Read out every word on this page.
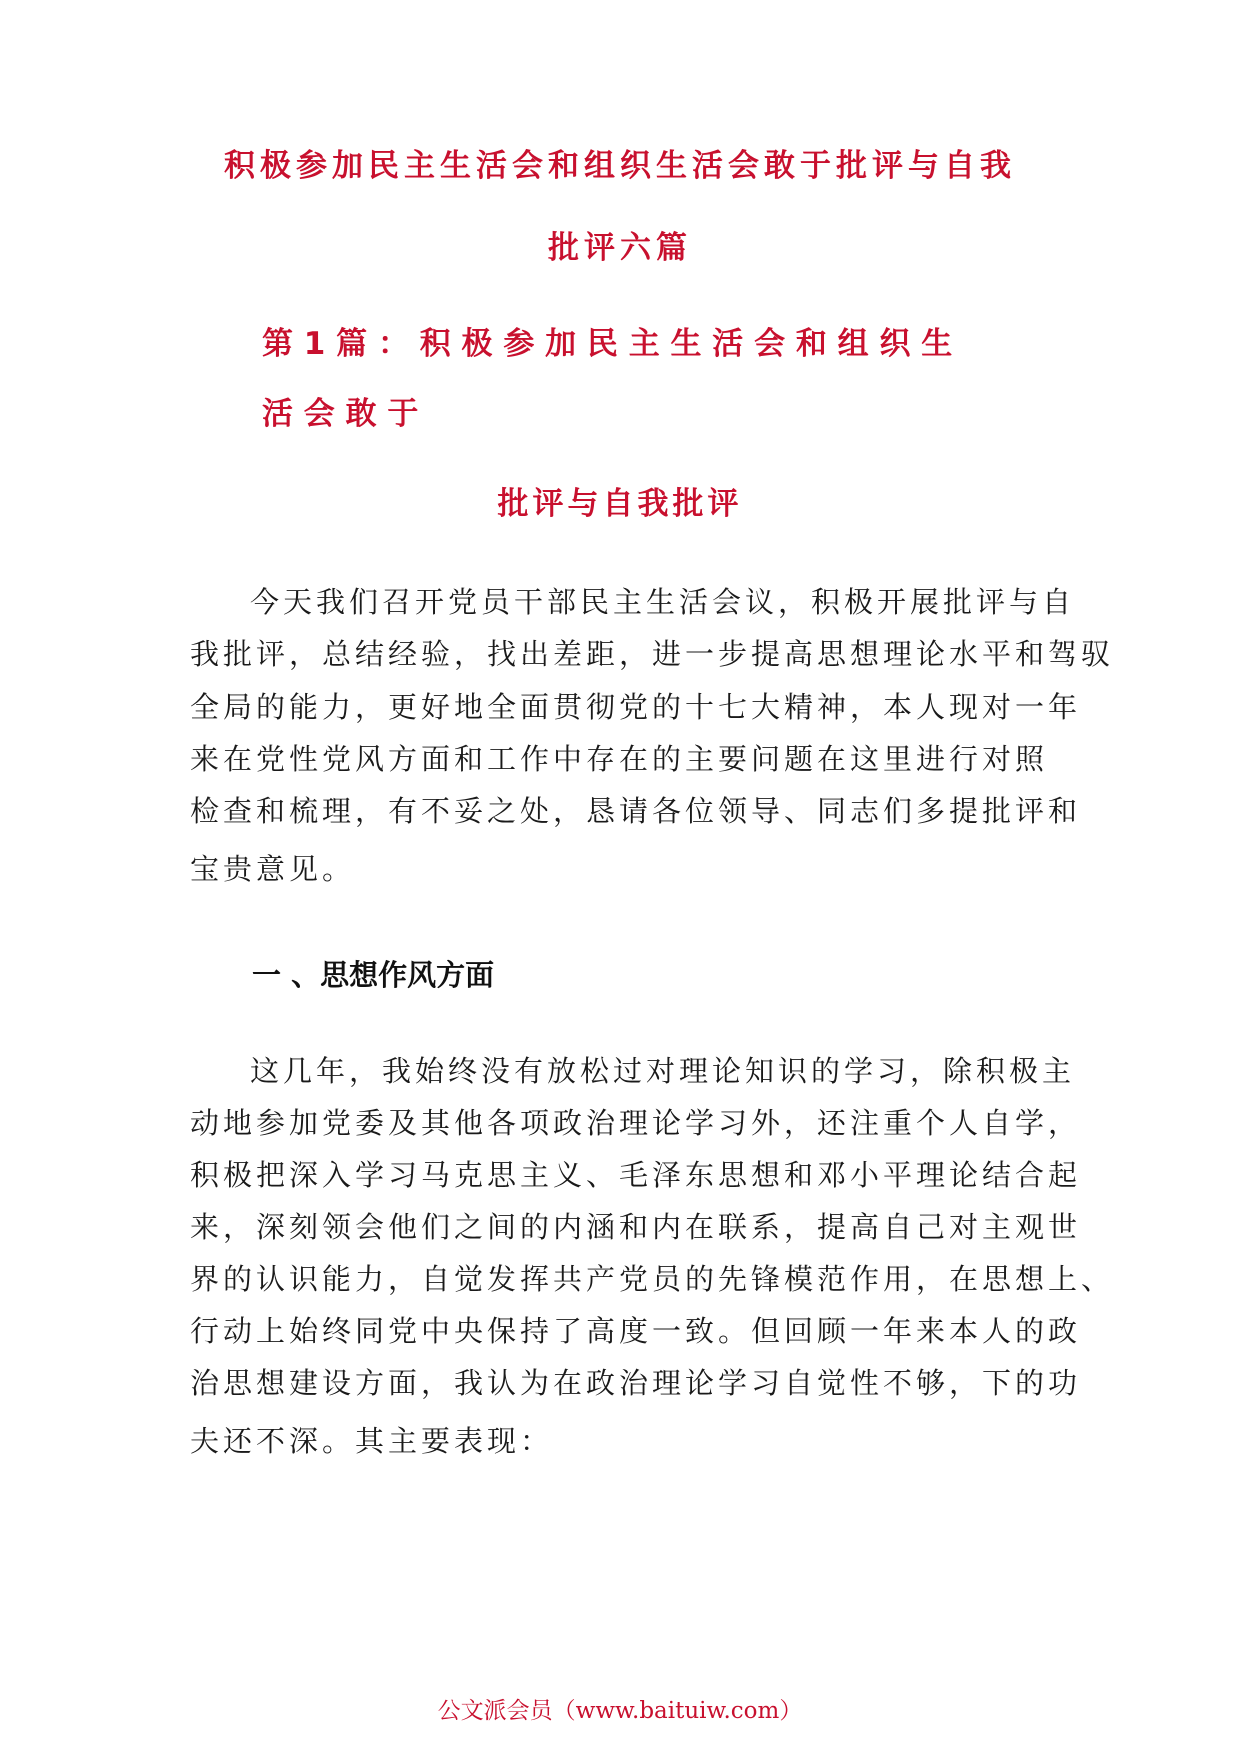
积极参加民主生活会和组织生活会敢于批评与自我
批评六篇
第 1 篇 ： 积 极 参 加 民 主 生 活 会 和 组 织 生
活 会 敢 于
批评与自我批评
今天我们召开党员干部民主生活会议，积极开展批评与自
我批评，总结经验，找出差距，进一步提高思想理论水平和驾驭
全局的能力，更好地全面贯彻党的十七大精神，本人现对一年
来在党性党风方面和工作中存在的主要问题在这里进行对照
检查和梳理，有不妥之处，恳请各位领导、同志们多提批评和
宝贵意见。
一 、思想作风方面
这几年，我始终没有放松过对理论知识的学习，除积极主
动地参加党委及其他各项政治理论学习外，还注重个人自学，
积极把深入学习马克思主义、毛泽东思想和邓小平理论结合起
来，深刻领会他们之间的内涵和内在联系，提高自己对主观世
界的认识能力，自觉发挥共产党员的先锋模范作用，在思想上、
行动上始终同党中央保持了高度一致。但回顾一年来本人的政
治思想建设方面，我认为在政治理论学习自觉性不够，下的功
夫还不深。其主要表现：
公文派会员（www.baituiw.com）
